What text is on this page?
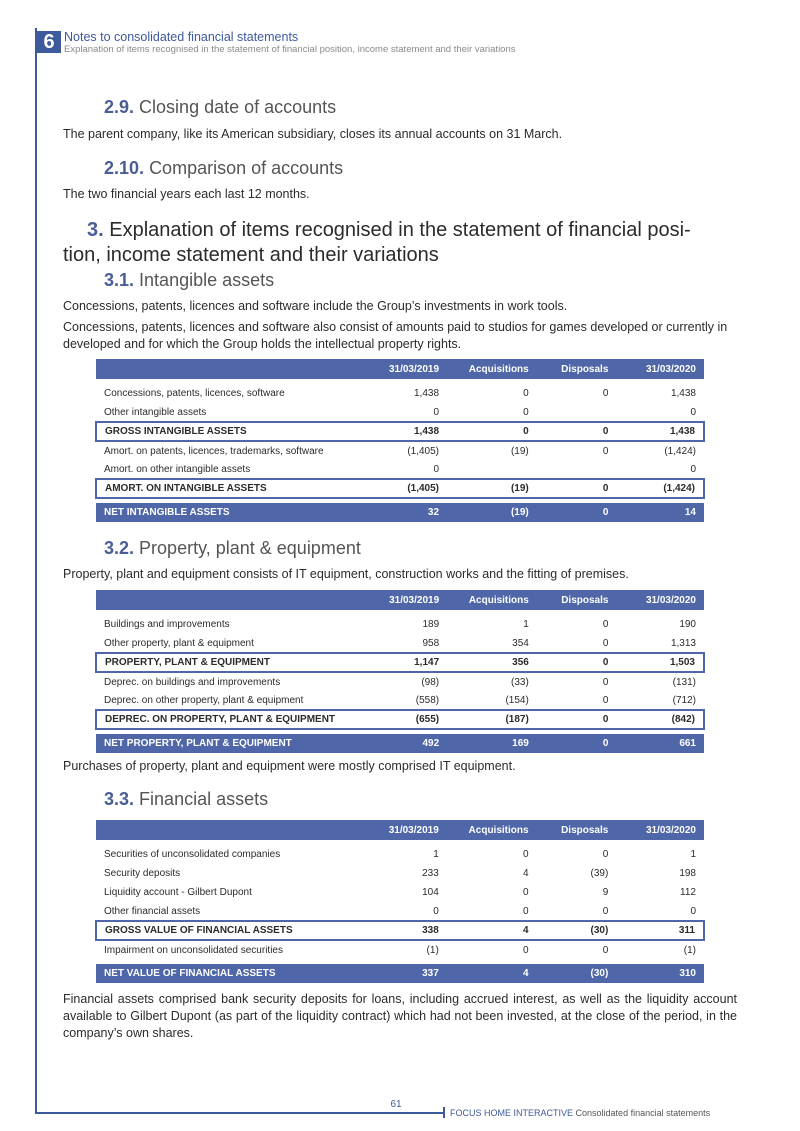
6 Notes to consolidated financial statements
Explanation of items recognised in the statement of financial position, income statement and their variations
2.9. Closing date of accounts
The parent company, like its American subsidiary, closes its annual accounts on 31 March.
2.10. Comparison of accounts
The two financial years each last 12 months.
3. Explanation of items recognised in the statement of financial posi-
tion, income statement and their variations
3.1. Intangible assets
Concessions, patents, licences and software include the Group’s investments in work tools.
Concessions, patents, licences and software also consist of amounts paid to studios for games developed or currently in developed and for which the Group holds the intellectual property rights.
	31/03/2019	Acquisitions	Disposals	31/03/2020

Concessions, patents, licences, software	1,438	0	0	1,438
Other intangible assets	0	0		0
GROSS INTANGIBLE ASSETS	1,438	0	0	1,438
Amort. on patents, licences, trademarks, software	(1,405)	(19)	0	(1,424)
Amort. on other intangible assets	0			0
AMORT. ON INTANGIBLE ASSETS	(1,405)	(19)	0	(1,424)

NET INTANGIBLE ASSETS	32	(19)	0	14
3.2. Property, plant & equipment
Property, plant and equipment consists of IT equipment, construction works and the fitting of premises.
	31/03/2019	Acquisitions	Disposals	31/03/2020

Buildings and improvements	189	1	0	190
Other property, plant & equipment	958	354	0	1,313
PROPERTY, PLANT & EQUIPMENT	1,147	356	0	1,503
Deprec. on buildings and improvements	(98)	(33)	0	(131)
Deprec. on other property, plant & equipment	(558)	(154)	0	(712)
DEPREC. ON PROPERTY, PLANT & EQUIPMENT	(655)	(187)	0	(842)

NET PROPERTY, PLANT & EQUIPMENT	492	169	0	661
Purchases of property, plant and equipment were mostly comprised IT equipment.
3.3. Financial assets
	31/03/2019	Acquisitions	Disposals	31/03/2020

Securities of unconsolidated companies	1	0	0	1
Security deposits	233	4	(39)	198
Liquidity account - Gilbert Dupont	104	0	9	112
Other financial assets	0	0	0	0
GROSS VALUE OF FINANCIAL ASSETS	338	4	(30)	311
Impairment on unconsolidated securities	(1)	0	0	(1)

NET VALUE OF FINANCIAL ASSETS	337	4	(30)	310
Financial assets comprised bank security deposits for loans, including accrued interest, as well as the liquidity account available to Gilbert Dupont (as part of the liquidity contract) which had not been invested, at the close of the period, in the company’s own shares.
61
FOCUS HOME INTERACTIVE Consolidated financial statements
